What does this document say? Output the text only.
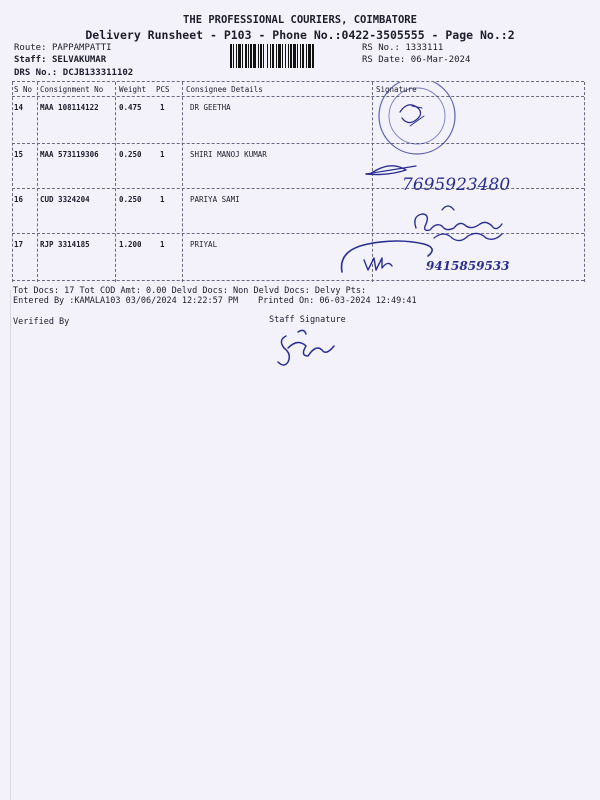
THE PROFESSIONAL COURIERS, COIMBATORE
Delivery Runsheet - P103 - Phone No.:0422-3505555 - Page No.:2
Route: PAPPAMPATTI
Staff: SELVAKUMAR
DRS No.: DCJB133311102
RS No.: 1333111
RS Date: 06-Mar-2024
S No Consignment No Weight PCS Consignee Details	Signature
14 MAA 108114122	0.475 1	DR GEETHA
15 MAA 573119306	0.250 1	SHIRI MANOJ KUMAR
16 CUD 3324204	0.250 1	PARIYA SAMI
17 RJP 3314185	1.200 1	PRIYAL
7695923480
9415859533
Tot Docs: 17 Tot COD Amt: 0.00 Delvd Docs: Non Delvd Docs: Delvy Pts:
Entered By :KAMALA103 03/06/2024 12:22:57 PM Printed On: 06-03-2024 12:49:41
Verified By	Staff Signature
